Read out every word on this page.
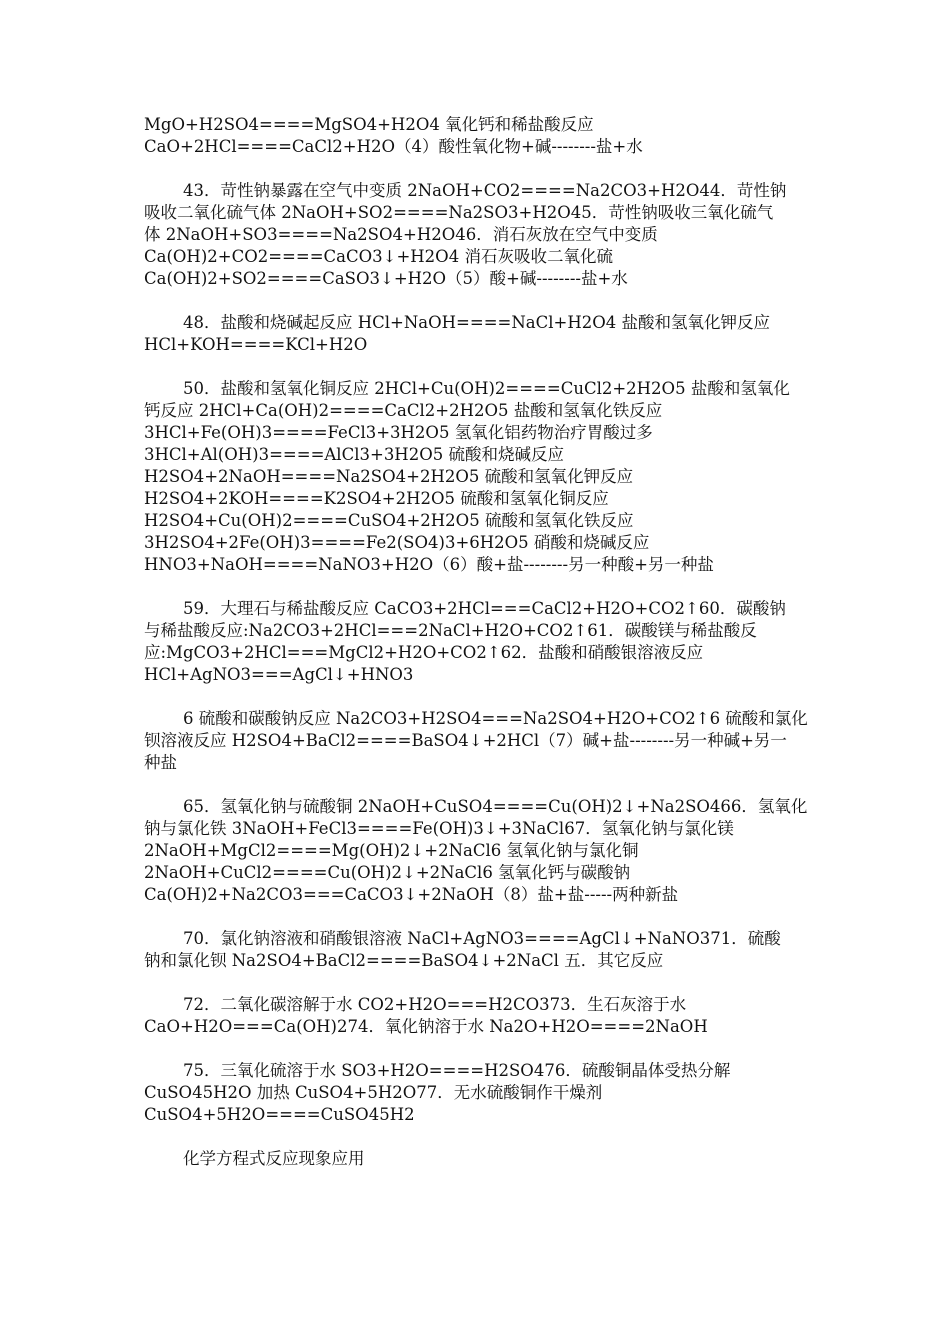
MgO+H2SO4====MgSO4+H2O4 氧化钙和稀盐酸反应
CaO+2HCl====CaCl2+H2O（4）酸性氧化物+碱--------盐+水
43．苛性钠暴露在空气中变质 2NaOH+CO2====Na2CO3+H2O44．苛性钠
吸收二氧化硫气体 2NaOH+SO2====Na2SO3+H2O45．苛性钠吸收三氧化硫气
体 2NaOH+SO3====Na2SO4+H2O46．消石灰放在空气中变质
Ca(OH)2+CO2====CaCO3↓+H2O4 消石灰吸收二氧化硫
Ca(OH)2+SO2====CaSO3↓+H2O（5）酸+碱--------盐+水
48．盐酸和烧碱起反应 HCl+NaOH====NaCl+H2O4 盐酸和氢氧化钾反应
HCl+KOH====KCl+H2O
50．盐酸和氢氧化铜反应 2HCl+Cu(OH)2====CuCl2+2H2O5 盐酸和氢氧化
钙反应 2HCl+Ca(OH)2====CaCl2+2H2O5 盐酸和氢氧化铁反应
3HCl+Fe(OH)3====FeCl3+3H2O5 氢氧化铝药物治疗胃酸过多
3HCl+Al(OH)3====AlCl3+3H2O5 硫酸和烧碱反应
H2SO4+2NaOH====Na2SO4+2H2O5 硫酸和氢氧化钾反应
H2SO4+2KOH====K2SO4+2H2O5 硫酸和氢氧化铜反应
H2SO4+Cu(OH)2====CuSO4+2H2O5 硫酸和氢氧化铁反应
3H2SO4+2Fe(OH)3====Fe2(SO4)3+6H2O5 硝酸和烧碱反应
HNO3+NaOH====NaNO3+H2O（6）酸+盐--------另一种酸+另一种盐
59．大理石与稀盐酸反应 CaCO3+2HCl===CaCl2+H2O+CO2↑60．碳酸钠
与稀盐酸反应:Na2CO3+2HCl===2NaCl+H2O+CO2↑61．碳酸镁与稀盐酸反
应:MgCO3+2HCl===MgCl2+H2O+CO2↑62．盐酸和硝酸银溶液反应
HCl+AgNO3===AgCl↓+HNO3
6 硫酸和碳酸钠反应 Na2CO3+H2SO4===Na2SO4+H2O+CO2↑6 硫酸和氯化
钡溶液反应 H2SO4+BaCl2====BaSO4↓+2HCl（7）碱+盐--------另一种碱+另一
种盐
65．氢氧化钠与硫酸铜 2NaOH+CuSO4====Cu(OH)2↓+Na2SO466．氢氧化
钠与氯化铁 3NaOH+FeCl3====Fe(OH)3↓+3NaCl67．氢氧化钠与氯化镁
2NaOH+MgCl2====Mg(OH)2↓+2NaCl6 氢氧化钠与氯化铜
2NaOH+CuCl2====Cu(OH)2↓+2NaCl6 氢氧化钙与碳酸钠
Ca(OH)2+Na2CO3===CaCO3↓+2NaOH（8）盐+盐-----两种新盐
70．氯化钠溶液和硝酸银溶液 NaCl+AgNO3====AgCl↓+NaNO371．硫酸
钠和氯化钡 Na2SO4+BaCl2====BaSO4↓+2NaCl 五．其它反应
72．二氧化碳溶解于水 CO2+H2O===H2CO373．生石灰溶于水
CaO+H2O===Ca(OH)274．氧化钠溶于水 Na2O+H2O====2NaOH
75．三氧化硫溶于水 SO3+H2O====H2SO476．硫酸铜晶体受热分解
CuSO45H2O 加热 CuSO4+5H2O77．无水硫酸铜作干燥剂
CuSO4+5H2O====CuSO45H2
化学方程式反应现象应用
